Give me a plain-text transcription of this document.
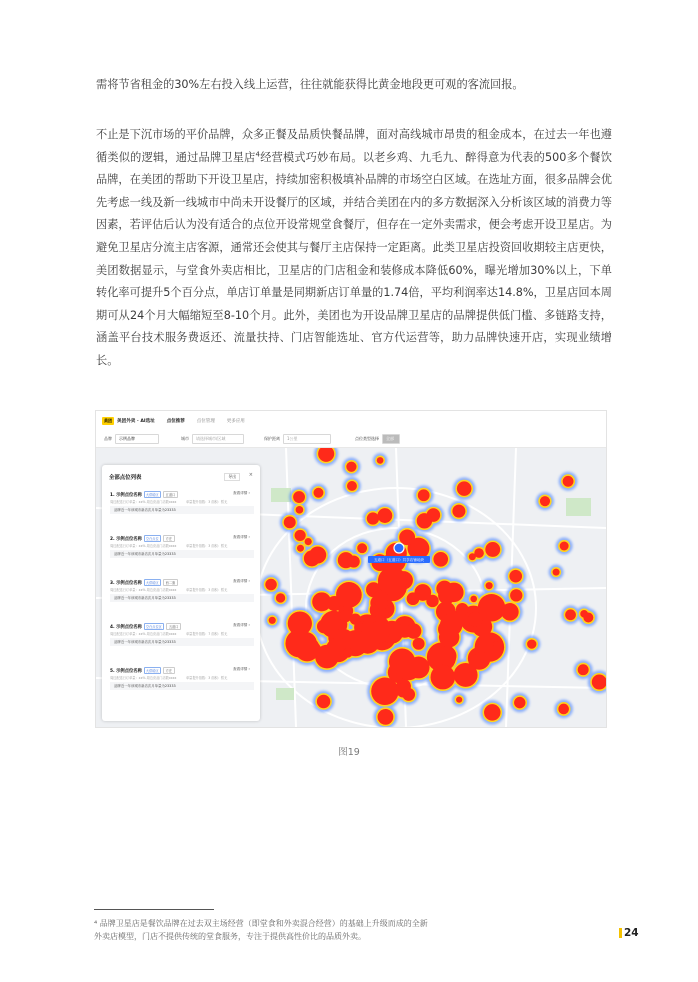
需将节省租金的30%左右投入线上运营，往往就能获得比黄金地段更可观的客流回报。

不止是下沉市场的平价品牌，众多正餐及品质快餐品牌，面对高线城市昂贵的租金成本，在过去一年也遵循类似的逻辑，通过品牌卫星店$^4$经营模式巧妙布局。以老乡鸡、九毛九、醉得意为代表的500多个餐饮品牌，在美团的帮助下开设卫星店，持续加密积极填补品牌的市场空白区域。在选址方面，很多品牌会优先考虑一线及新一线城市中尚未开设餐厅的区域，并结合美团在内的多方数据深入分析该区域的消费力等因素，若评估后认为没有适合的点位开设常规堂食餐厅，但存在一定外卖需求，便会考虑开设卫星店。为避免卫星店分流主店客源，通常还会使其与餐厅主店保持一定距离。此类卫星店投资回收期较主店更快，美团数据显示，与堂食外卖店相比，卫星店的门店租金和装修成本降低60%，曝光增加30%以上，下单转化率可提升5个百分点，单店订单量是同期新店订单量的1.74倍，平均利润率达14.8%，卫星店回本周期可从24个月大幅缩短至8-10个月。此外，美团也为开设品牌卫星店的品牌提供低门槛、多链路支持，涵盖平台技术服务费返还、流量扶持、门店智能选址、官方代运营等，助力品牌快速开店，实现业绩增长。

美团	美团外卖 · AI选址	点位推荐	点位管理	更多应用
品牌	示例品牌	城市	请选择城市/区域	保护距离	1公里	点位类型选择	全部
五道口（五道口）共享店铺地块
全部点位列表	导出	×
1. 示例点位名称 大供给区 五道口	查看详情 ›
周边配送日订单量：xx% 周边竞品门店数xxxx	单量提升指数：3 面积：暂无
品牌近一年该城市新店次月单量为23333
2. 示例点位名称 空白点位 方庄	查看详情 ›
周边配送日订单量：xx% 周边竞品门店数xxxx	单量提升指数：3 面积：暂无
品牌近一年该城市新店次月单量为23333
3. 示例点位名称 大供给区 西二旗	查看详情 ›
周边配送日订单量：xx% 周边竞品门店数xxxx	单量提升指数：3 面积：暂无
品牌近一年该城市新店次月单量为23333
4. 示例点位名称 空白点位区 五道口	查看详情 ›
周边配送日订单量：xx% 周边竞品门店数xxxx	单量提升指数：7 面积：暂无
品牌近一年该城市新店次月单量为23333
5. 示例点位名称 大供给区 方庄	查看详情 ›
周边配送日订单量：xx% 周边竞品门店数xxxx	单量提升指数：3 面积：暂无
品牌近一年该城市新店次月单量为23333
图19

⁴ 品牌卫星店是餐饮品牌在过去双主场经营（即堂食和外卖混合经营）的基础上升级而成的全新

外卖店模型，门店不提供传统的堂食服务，专注于提供高性价比的品质外卖。	24
